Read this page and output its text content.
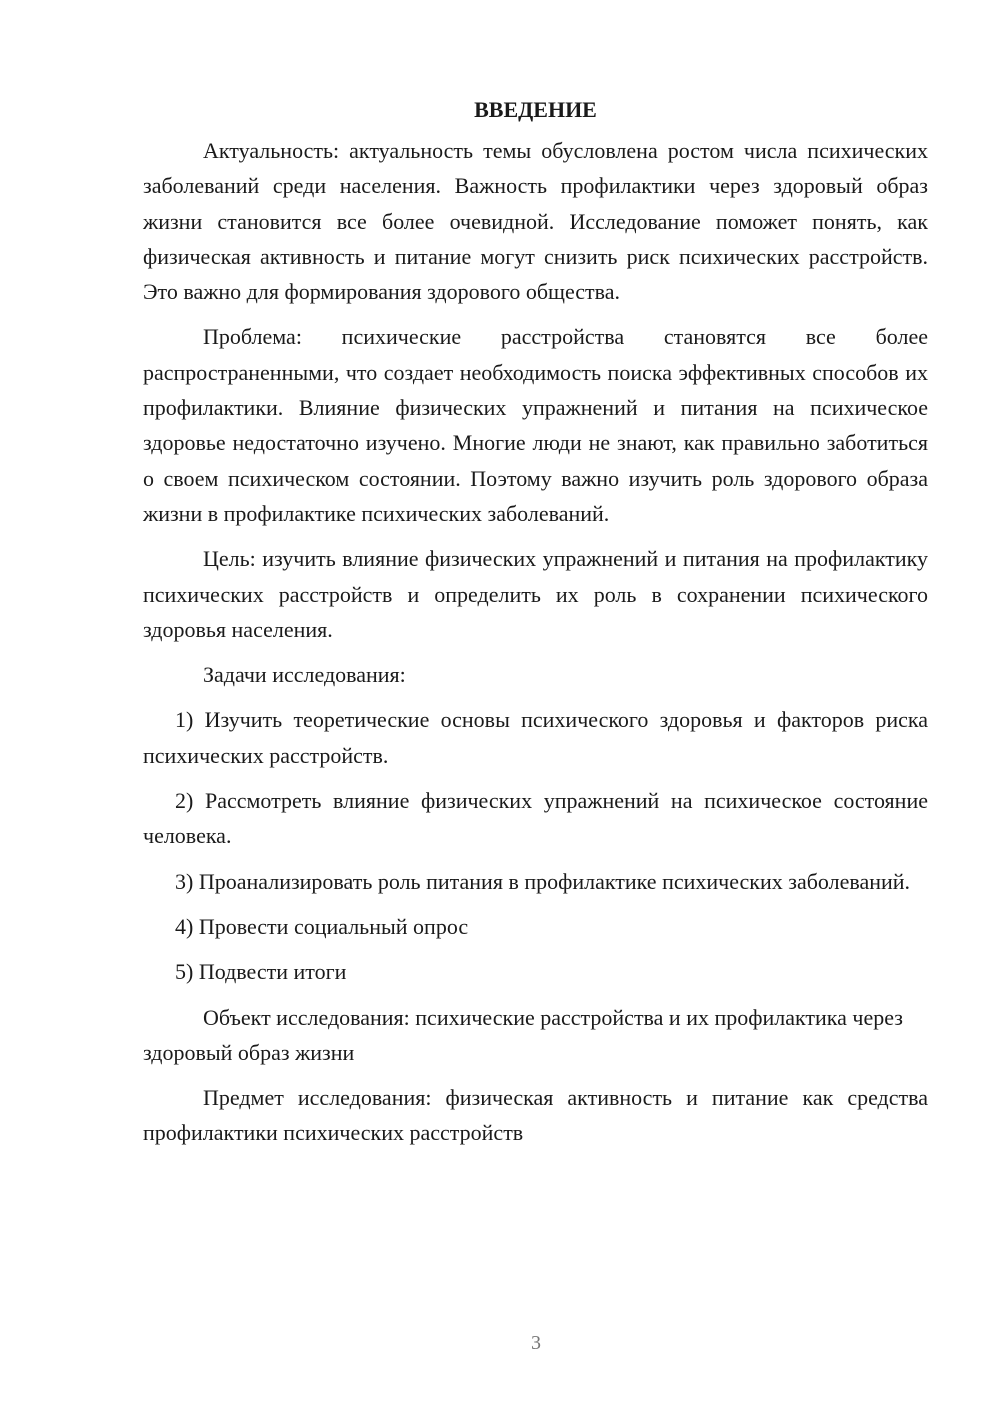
ВВЕДЕНИЕ

Актуальность: актуальность темы обусловлена ростом числа психических заболеваний среди населения. Важность профилактики через здоровый образ жизни становится все более очевидной. Исследование поможет понять, как физическая активность и питание могут снизить риск психических расстройств. Это важно для формирования здорового общества.

Проблема: психические расстройства становятся все более распространенными, что создает необходимость поиска эффективных способов их профилактики. Влияние физических упражнений и питания на психическое здоровье недостаточно изучено. Многие люди не знают, как правильно заботиться о своем психическом состоянии. Поэтому важно изучить роль здорового образа жизни в профилактике психических заболеваний.

Цель: изучить влияние физических упражнений и питания на профилактику психических расстройств и определить их роль в сохранении психического здоровья населения.

Задачи исследования:

1) Изучить теоретические основы психического здоровья и факторов риска психических расстройств.

2) Рассмотреть влияние физических упражнений на психическое состояние человека.

3) Проанализировать роль питания в профилактике психических заболеваний.

4) Провести социальный опрос

5) Подвести итоги

Объект исследования: психические расстройства и их профилактика через здоровый образ жизни

Предмет исследования: физическая активность и питание как средства профилактики психических расстройств

3
